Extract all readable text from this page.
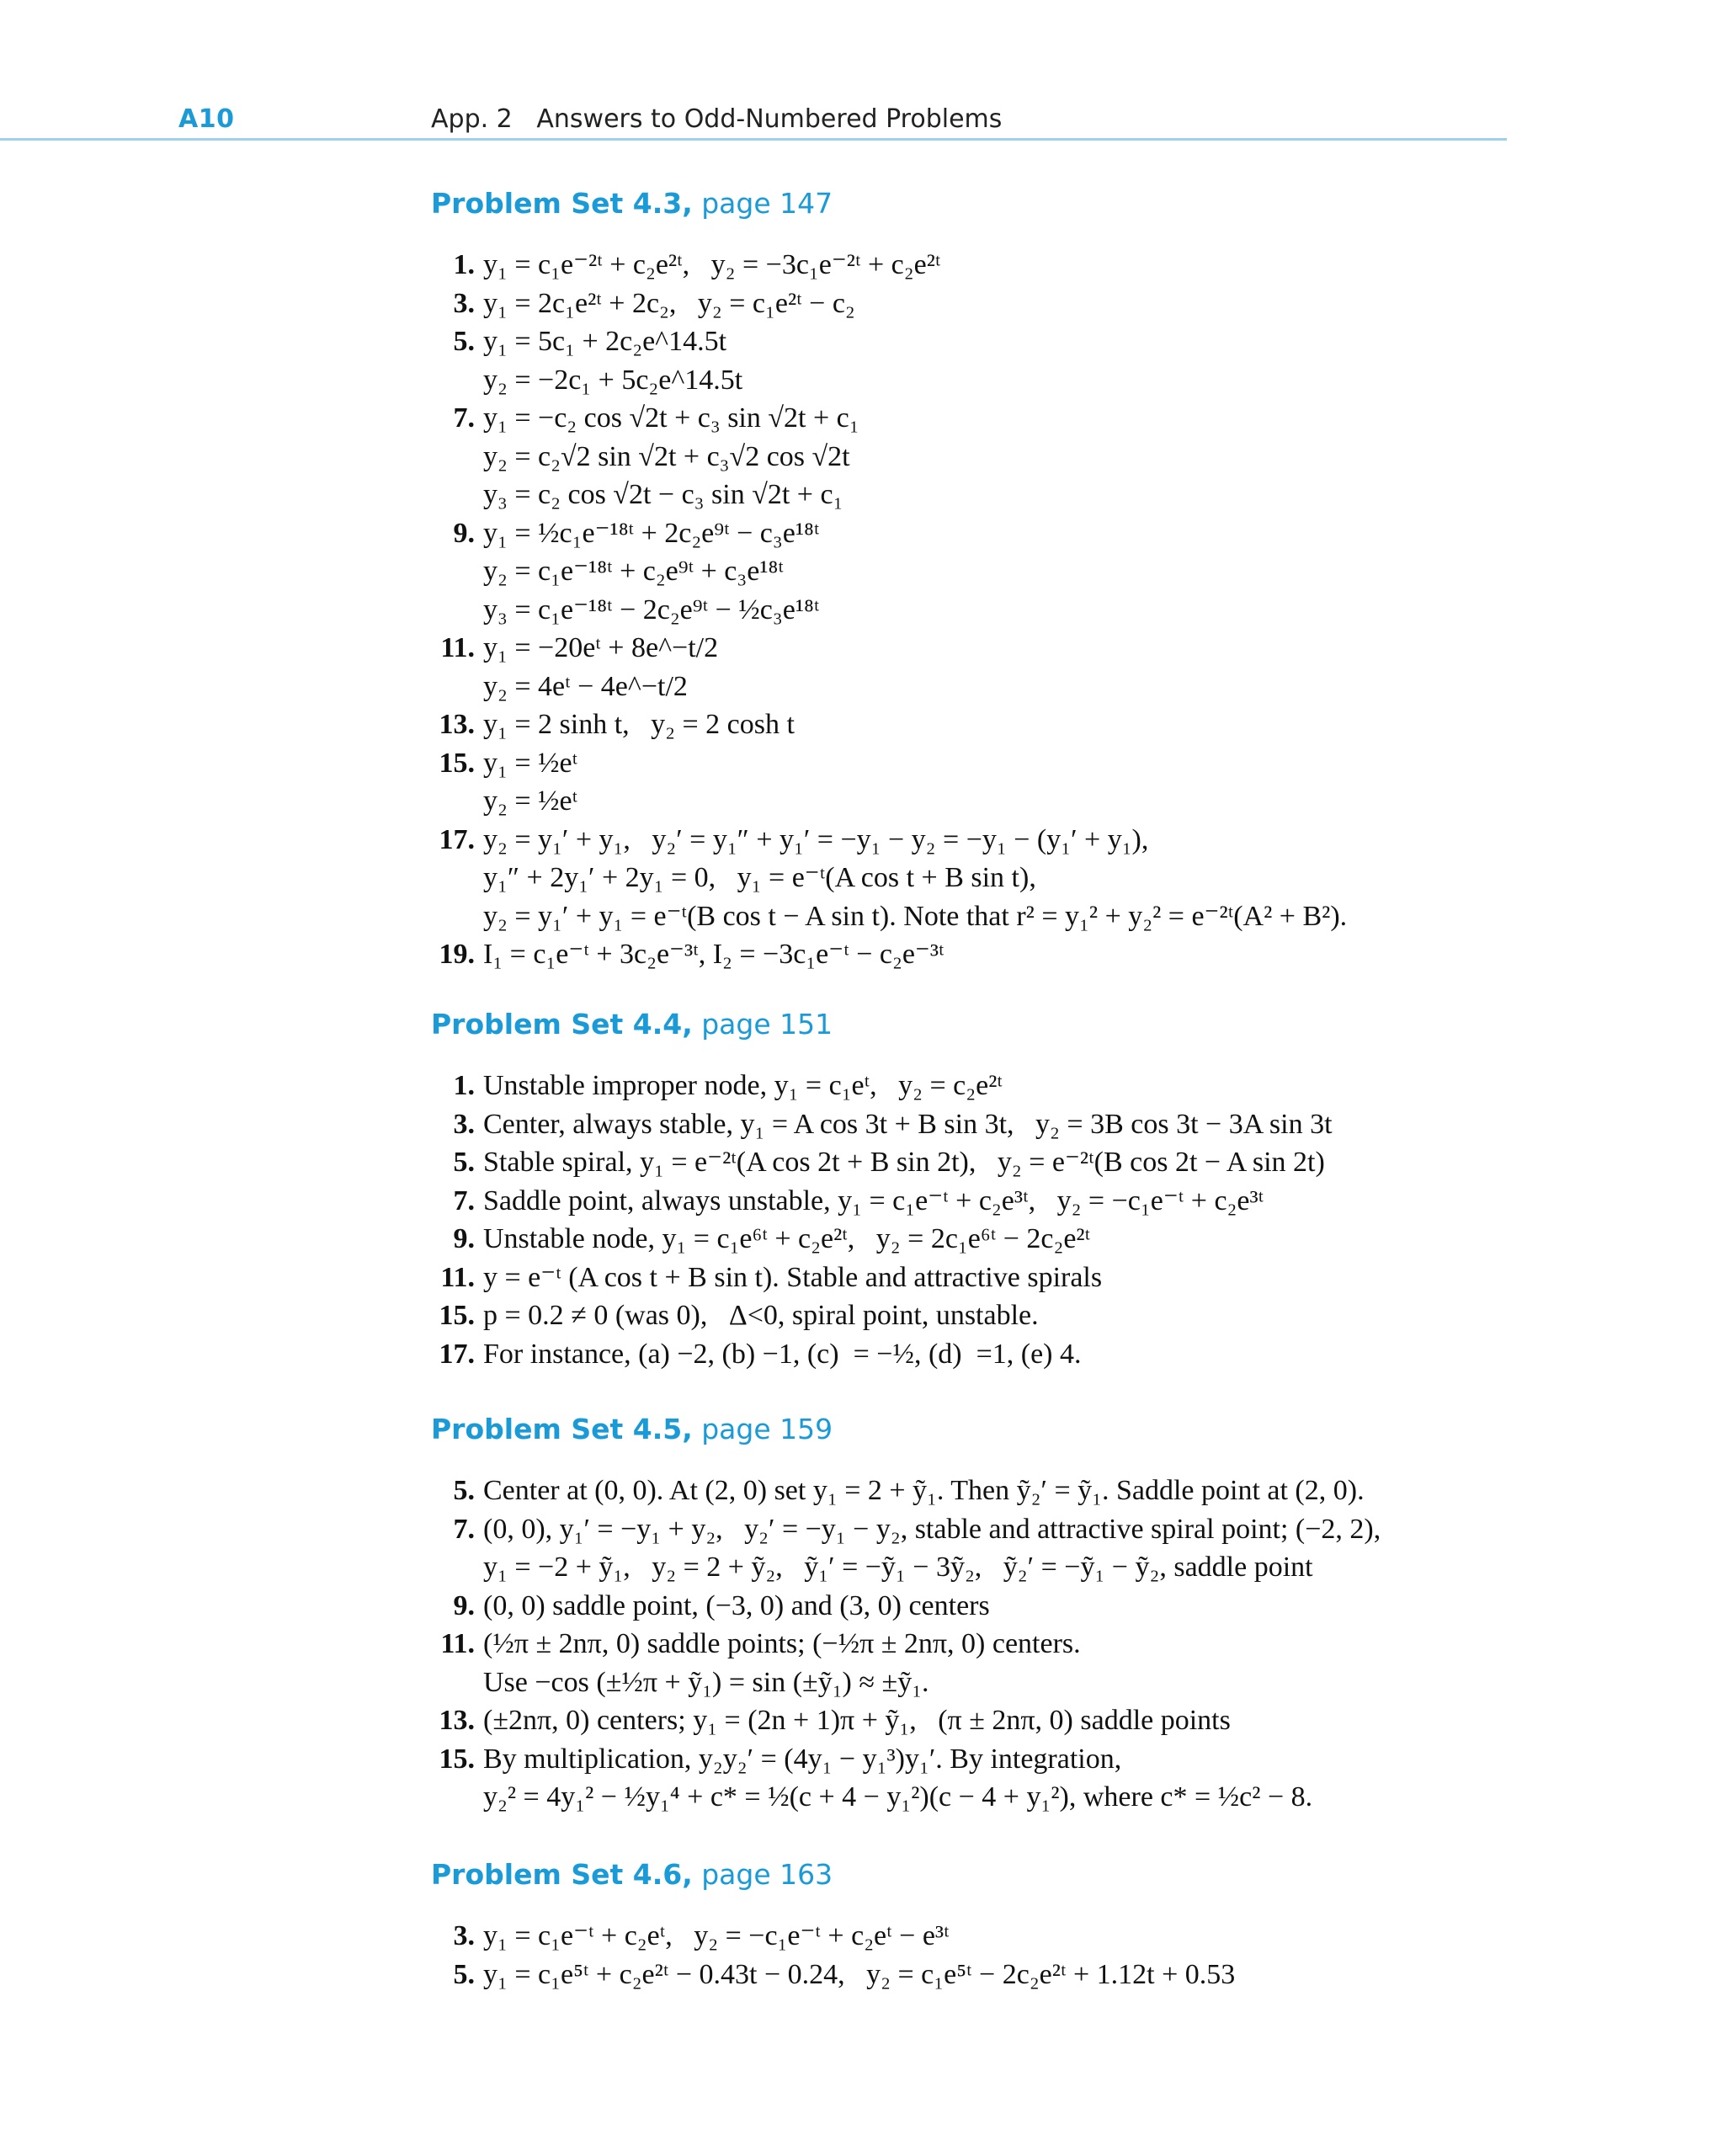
A10	App. 2   Answers to Odd-Numbered Problems
Problem Set 4.3, page 147
1. y₁ = c₁e⁻²ᵗ + c₂e²ᵗ,   y₂ = −3c₁e⁻²ᵗ + c₂e²ᵗ
3. y₁ = 2c₁e²ᵗ + 2c₂,   y₂ = c₁e²ᵗ − c₂
5. y₁ = 5c₁ + 2c₂e^14.5t
y₂ = −2c₁ + 5c₂e^14.5t
7. y₁ = −c₂ cos √2t + c₃ sin √2t + c₁
y₂ = c₂√2 sin √2t + c₃√2 cos √2t
y₃ = c₂ cos √2t − c₃ sin √2t + c₁
9. y₁ = ½c₁e⁻¹⁸ᵗ + 2c₂e⁹ᵗ − c₃e¹⁸ᵗ
y₂ = c₁e⁻¹⁸ᵗ + c₂e⁹ᵗ + c₃e¹⁸ᵗ
y₃ = c₁e⁻¹⁸ᵗ − 2c₂e⁹ᵗ − ½c₃e¹⁸ᵗ
11. y₁ = −20eᵗ + 8e^−t/2
y₂ = 4eᵗ − 4e^−t/2
13. y₁ = 2 sinh t,   y₂ = 2 cosh t
15. y₁ = ½eᵗ
y₂ = ½eᵗ
17. y₂ = y₁′ + y₁,   y₂′ = y₁″ + y₁′ = −y₁ − y₂ = −y₁ − (y₁′ + y₁),
y₁″ + 2y₁′ + 2y₁ = 0,   y₁ = e⁻ᵗ(A cos t + B sin t),
y₂ = y₁′ + y₁ = e⁻ᵗ(B cos t − A sin t). Note that r² = y₁² + y₂² = e⁻²ᵗ(A² + B²).
19. I₁ = c₁e⁻ᵗ + 3c₂e⁻³ᵗ, I₂ = −3c₁e⁻ᵗ − c₂e⁻³ᵗ
Problem Set 4.4, page 151
1. Unstable improper node, y₁ = c₁eᵗ,   y₂ = c₂e²ᵗ
3. Center, always stable, y₁ = A cos 3t + B sin 3t,   y₂ = 3B cos 3t − 3A sin 3t
5. Stable spiral, y₁ = e⁻²ᵗ(A cos 2t + B sin 2t),   y₂ = e⁻²ᵗ(B cos 2t − A sin 2t)
7. Saddle point, always unstable, y₁ = c₁e⁻ᵗ + c₂e³ᵗ,   y₂ = −c₁e⁻ᵗ + c₂e³ᵗ
9. Unstable node, y₁ = c₁e⁶ᵗ + c₂e²ᵗ,   y₂ = 2c₁e⁶ᵗ − 2c₂e²ᵗ
11. y = e⁻ᵗ (A cos t + B sin t). Stable and attractive spirals
15. p = 0.2 ≠ 0 (was 0),   Δ<0, spiral point, unstable.
17. For instance, (a) −2, (b) −1, (c)  = −½, (d)  =1, (e) 4.
Problem Set 4.5, page 159
5. Center at (0, 0). At (2, 0) set y₁ = 2 + ỹ₁. Then ỹ₂′ = ỹ₁. Saddle point at (2, 0).
7. (0, 0), y₁′ = −y₁ + y₂,   y₂′ = −y₁ − y₂, stable and attractive spiral point; (−2, 2),
y₁ = −2 + ỹ₁,   y₂ = 2 + ỹ₂,   ỹ₁′ = −ỹ₁ − 3ỹ₂,   ỹ₂′ = −ỹ₁ − ỹ₂, saddle point
9. (0, 0) saddle point, (−3, 0) and (3, 0) centers
11. (½π ± 2nπ, 0) saddle points; (−½π ± 2nπ, 0) centers.
Use −cos (±½π + ỹ₁) = sin (±ỹ₁) ≈ ±ỹ₁.
13. (±2nπ, 0) centers; y₁ = (2n + 1)π + ỹ₁,   (π ± 2nπ, 0) saddle points
15. By multiplication, y₂y₂′ = (4y₁ − y₁³)y₁′. By integration,
y₂² = 4y₁² − ½y₁⁴ + c* = ½(c + 4 − y₁²)(c − 4 + y₁²), where c* = ½c² − 8.
Problem Set 4.6, page 163
3. y₁ = c₁e⁻ᵗ + c₂eᵗ,   y₂ = −c₁e⁻ᵗ + c₂eᵗ − e³ᵗ
5. y₁ = c₁e⁵ᵗ + c₂e²ᵗ − 0.43t − 0.24,   y₂ = c₁e⁵ᵗ − 2c₂e²ᵗ + 1.12t + 0.53
